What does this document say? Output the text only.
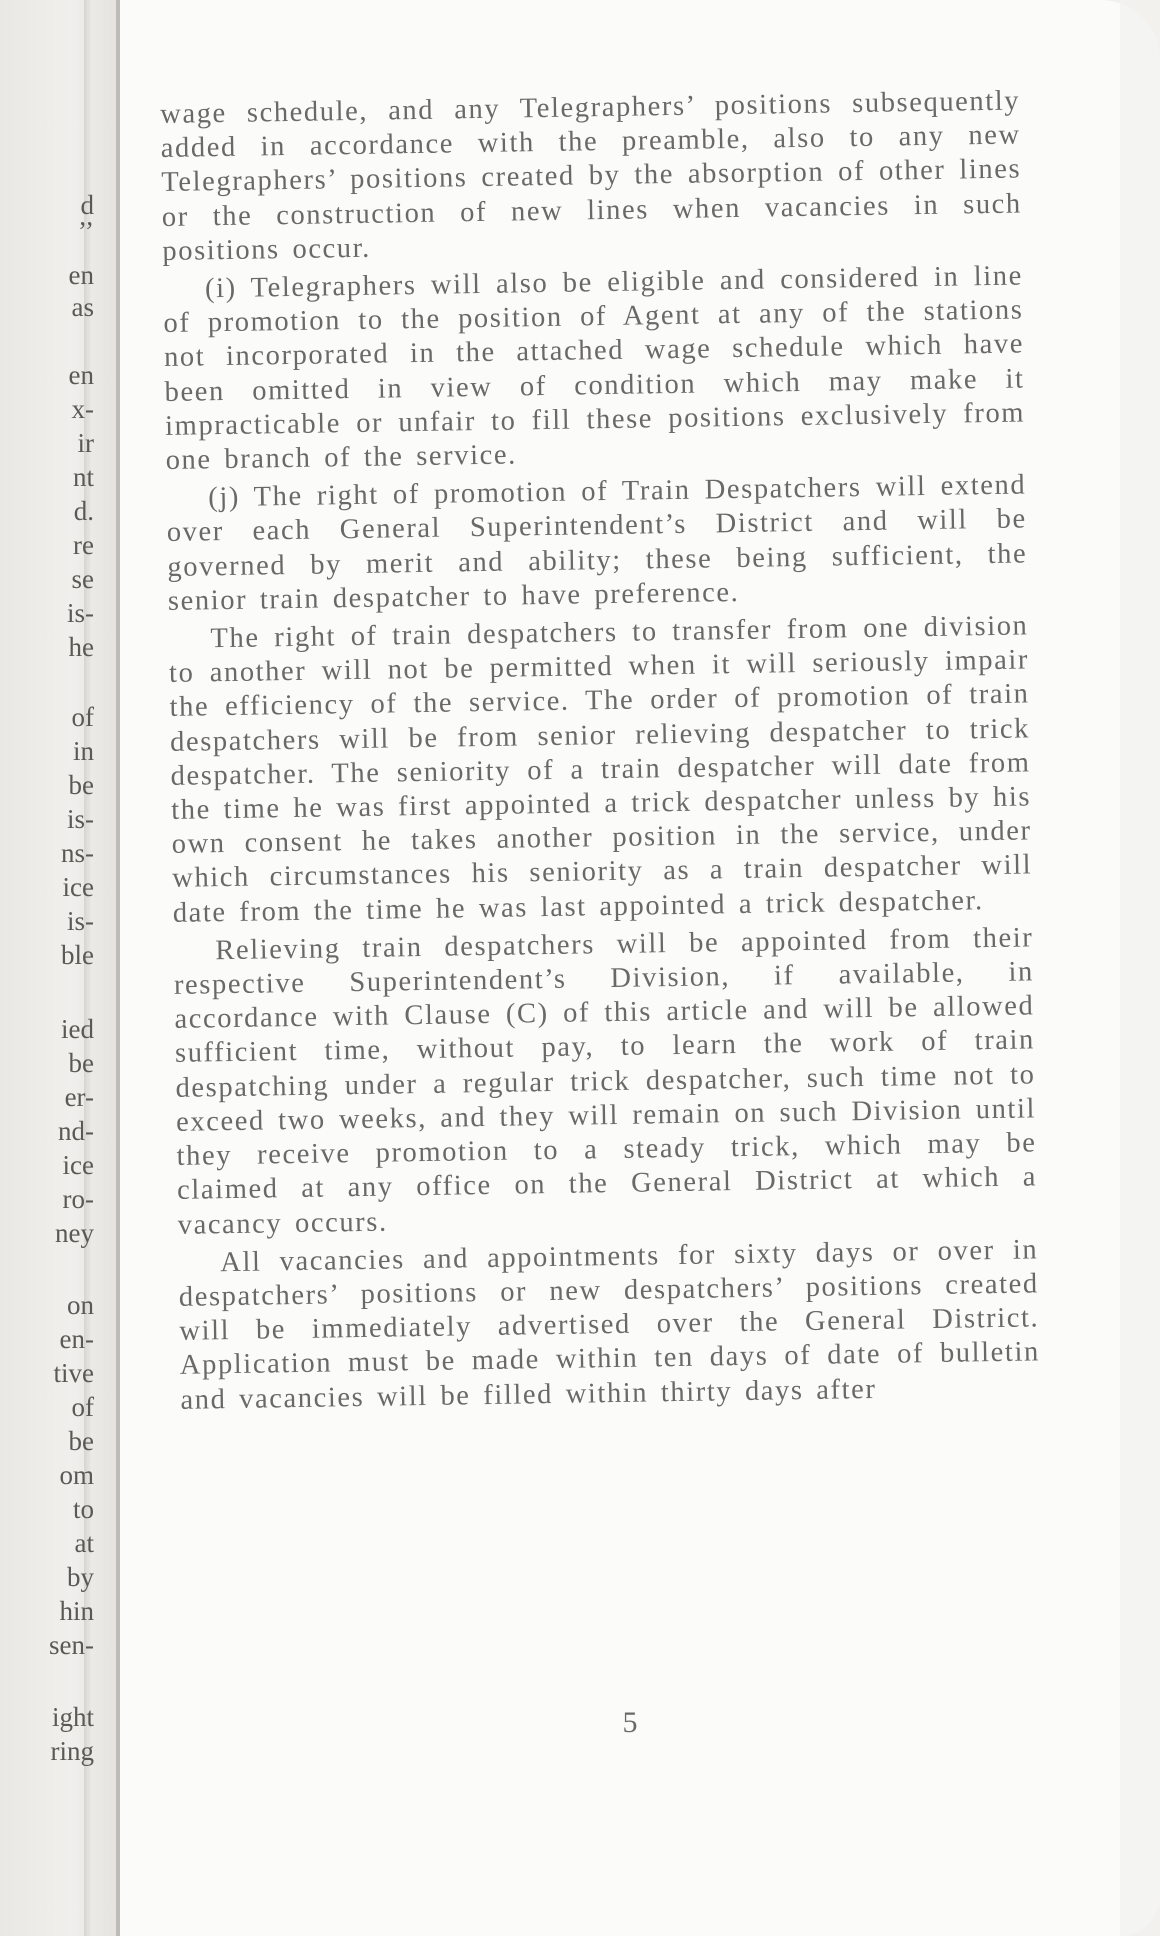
d
’’
en
as
en
x-
ir
nt
d.
re
se
is-
he
of
in
be
is-
ns-
ice
is-
ble
ied
be
er-
nd-
ice
ro-
ney
on
en-
tive
of
be
om
to
at
by
hin
sen-
ight
ring

wage schedule, and any Telegraphers’ positions subsequently added in accordance with the preamble, also to any new Telegraphers’ positions created by the absorption of other lines or the construction of new lines when vacancies in such positions occur.

(i) Telegraphers will also be eligible and considered in line of promotion to the position of Agent at any of the stations not incorporated in the attached wage schedule which have been omitted in view of condition which may make it impracticable or unfair to fill these positions exclusively from one branch of the service.

(j) The right of promotion of Train Despatchers will extend over each General Superintendent’s District and will be governed by merit and ability; these being sufficient, the senior train despatcher to have preference.

The right of train despatchers to transfer from one division to another will not be permitted when it will seriously impair the efficiency of the service. The order of promotion of train despatchers will be from senior relieving despatcher to trick despatcher. The seniority of a train despatcher will date from the time he was first appointed a trick despatcher unless by his own consent he takes another position in the service, under which circumstances his seniority as a train despatcher will date from the time he was last appointed a trick despatcher.

Relieving train despatchers will be appointed from their respective Superintendent’s Division, if available, in accordance with Clause (C) of this article and will be allowed sufficient time, without pay, to learn the work of train despatching under a regular trick despatcher, such time not to exceed two weeks, and they will remain on such Division until they receive promotion to a steady trick, which may be claimed at any office on the General District at which a vacancy occurs.

All vacancies and appointments for sixty days or over in despatchers’ positions or new despatchers’ positions created will be immediately advertised over the General District. Application must be made within ten days of date of bulletin and vacancies will be filled within thirty days after

5
